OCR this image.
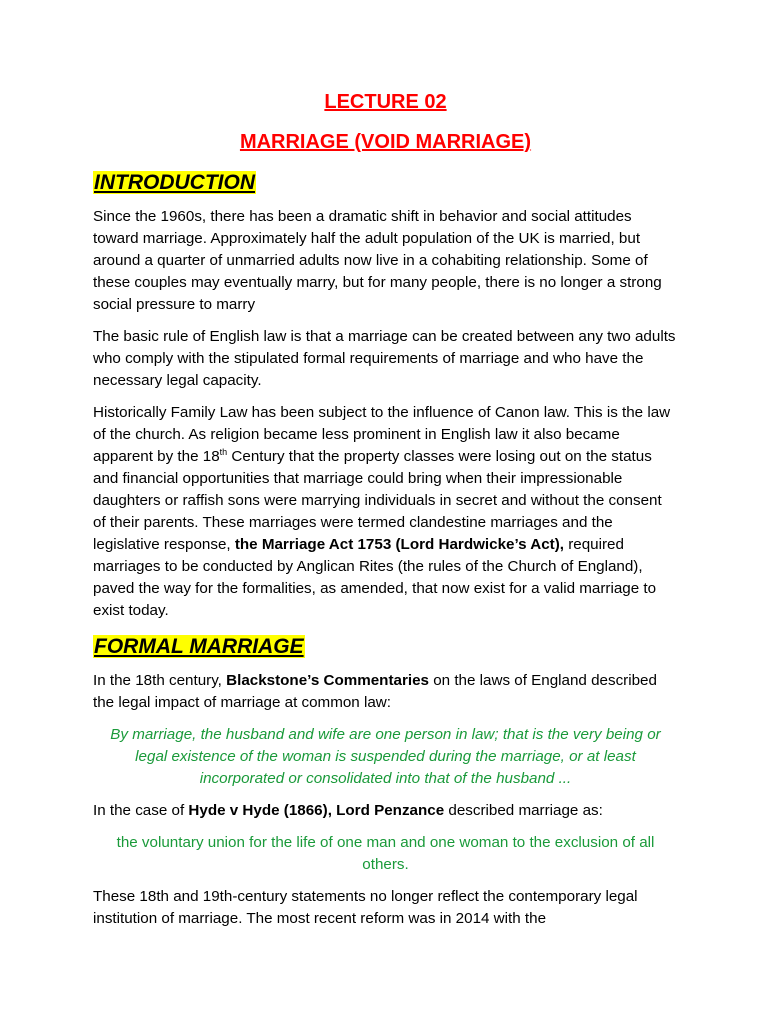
LECTURE 02
MARRIAGE (VOID MARRIAGE)
INTRODUCTION

Since the 1960s, there has been a dramatic shift in behavior and social attitudes toward marriage. Approximately half the adult population of the UK is married, but around a quarter of unmarried adults now live in a cohabiting relationship. Some of these couples may eventually marry, but for many people, there is no longer a strong social pressure to marry

The basic rule of English law is that a marriage can be created between any two adults who comply with the stipulated formal requirements of marriage and who have the necessary legal capacity.

Historically Family Law has been subject to the influence of Canon law. This is the law of the church. As religion became less prominent in English law it also became apparent by the 18th Century that the property classes were losing out on the status and financial opportunities that marriage could bring when their impressionable daughters or raffish sons were marrying individuals in secret and without the consent of their parents. These marriages were termed clandestine marriages and the legislative response, the Marriage Act 1753 (Lord Hardwicke’s Act), required marriages to be conducted by Anglican Rites (the rules of the Church of England), paved the way for the formalities, as amended, that now exist for a valid marriage to exist today.

FORMAL MARRIAGE

In the 18th century, Blackstone’s Commentaries on the laws of England described the legal impact of marriage at common law:

By marriage, the husband and wife are one person in law; that is the very being or legal existence of the woman is suspended during the marriage, or at least incorporated or consolidated into that of the husband ...

In the case of Hyde v Hyde (1866), Lord Penzance described marriage as:

the voluntary union for the life of one man and one woman to the exclusion of all others.

These 18th and 19th-century statements no longer reflect the contemporary legal institution of marriage. The most recent reform was in 2014 with the
